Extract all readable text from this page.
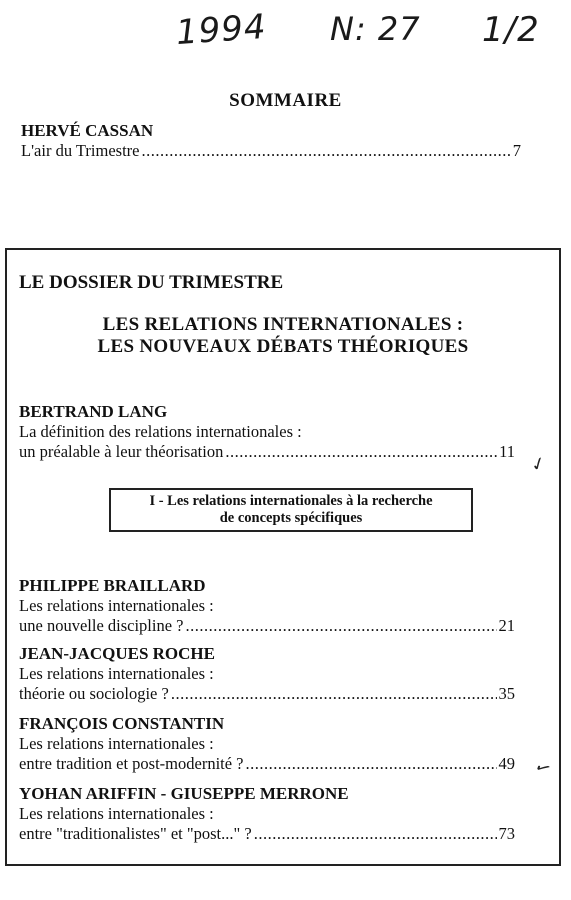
1994 N: 27 1/2
SOMMAIRE
HERVÉ CASSAN
L'air du Trimestre .....	7
LE DOSSIER DU TRIMESTRE
LES RELATIONS INTERNATIONALES :
LES NOUVEAUX DÉBATS THÉORIQUES
BERTRAND LANG
La définition des relations internationales :
un préalable à leur théorisation .....	11
✓
I - Les relations internationales à la recherche
de concepts spécifiques
PHILIPPE BRAILLARD
Les relations internationales :
une nouvelle discipline ? .....	21
JEAN-JACQUES ROCHE
Les relations internationales :
théorie ou sociologie ? .....	35
FRANÇOIS CONSTANTIN
Les relations internationales :
entre tradition et post-modernité ? .....	49 ✓
YOHAN ARIFFIN - GIUSEPPE MERRONE
Les relations internationales :
entre "traditionalistes" et "post..." ? .....	73
